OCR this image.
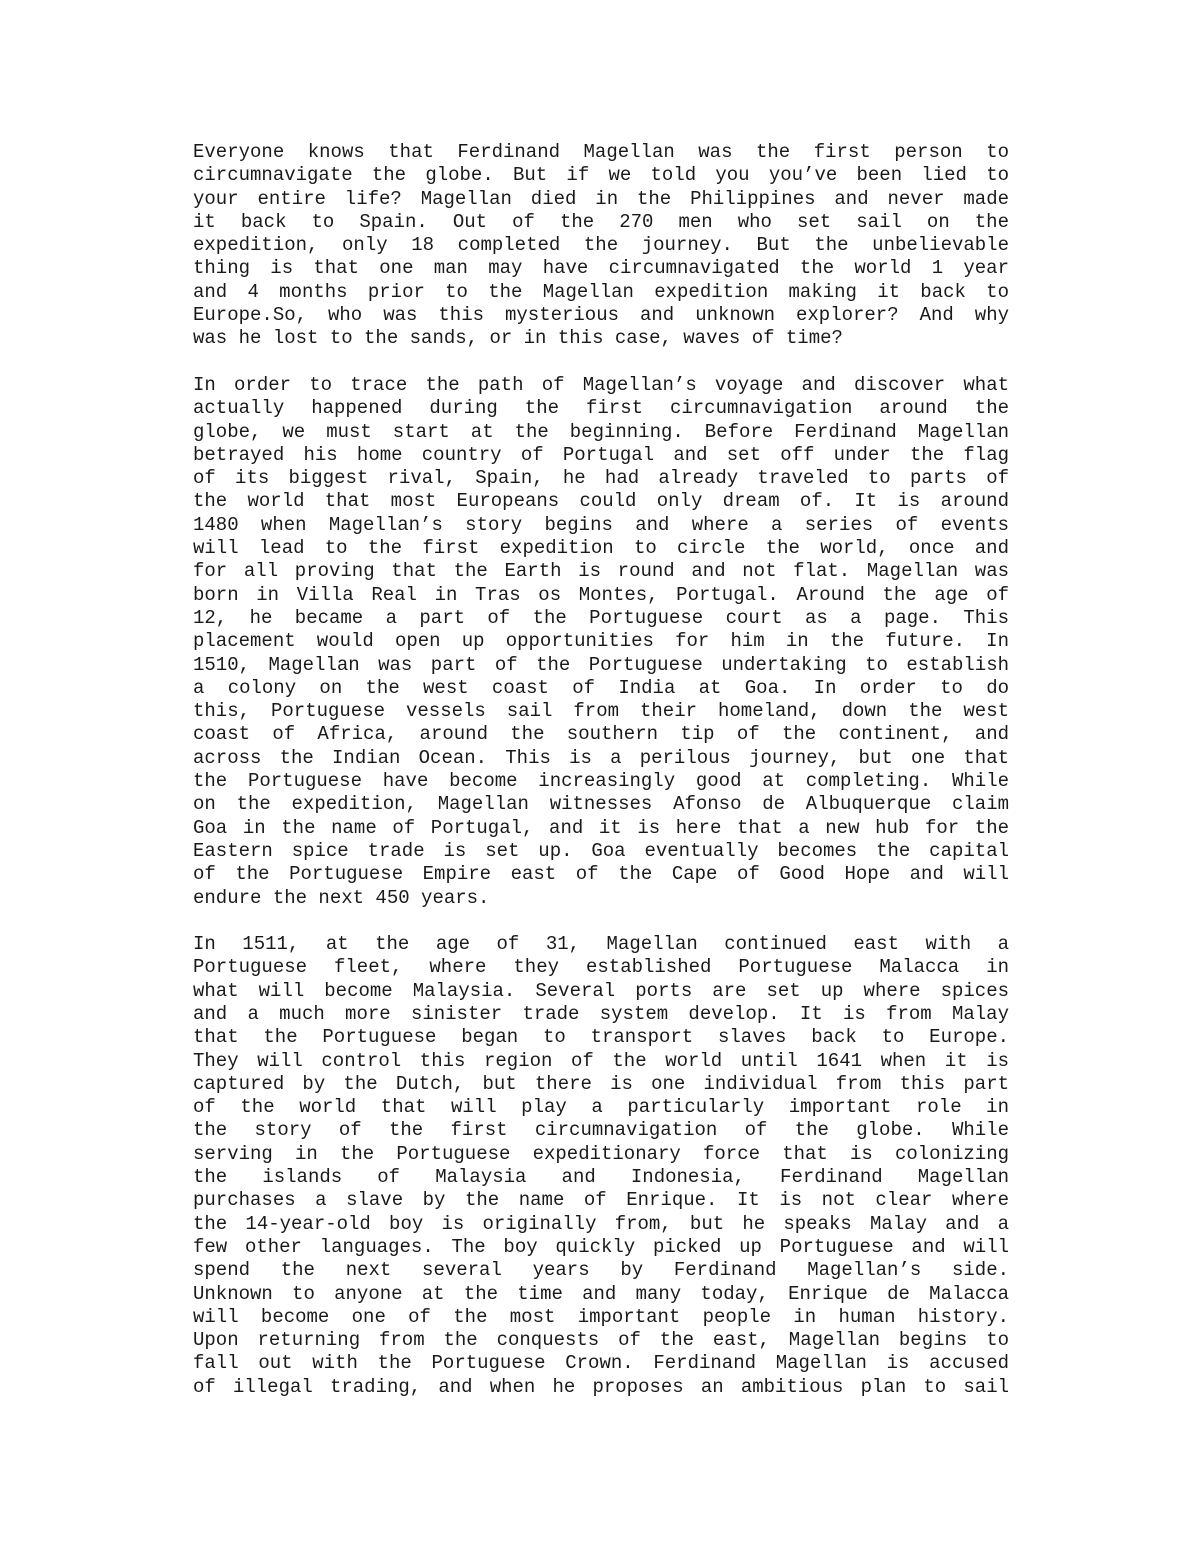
Everyone knows that Ferdinand Magellan was the first person to
circumnavigate the globe. But if we told you you’ve been lied to
your entire life? Magellan died in the Philippines and never made
it back to Spain. Out of the 270 men who set sail on the
expedition, only 18 completed the journey. But the unbelievable
thing is that one man may have circumnavigated the world 1 year
and 4 months prior to the Magellan expedition making it back to
Europe.So, who was this mysterious and unknown explorer? And why
was he lost to the sands, or in this case, waves of time?
In order to trace the path of Magellan’s voyage and discover what
actually happened during the first circumnavigation around the
globe, we must start at the beginning. Before Ferdinand Magellan
betrayed his home country of Portugal and set off under the flag
of its biggest rival, Spain, he had already traveled to parts of
the world that most Europeans could only dream of. It is around
1480 when Magellan’s story begins and where a series of events
will lead to the first expedition to circle the world, once and
for all proving that the Earth is round and not flat. Magellan was
born in Villa Real in Tras os Montes, Portugal. Around the age of
12, he became a part of the Portuguese court as a page. This
placement would open up opportunities for him in the future. In
1510, Magellan was part of the Portuguese undertaking to establish
a colony on the west coast of India at Goa. In order to do
this, Portuguese vessels sail from their homeland, down the west
coast of Africa, around the southern tip of the continent, and
across the Indian Ocean. This is a perilous journey, but one that
the Portuguese have become increasingly good at completing. While
on the expedition, Magellan witnesses Afonso de Albuquerque claim
Goa in the name of Portugal, and it is here that a new hub for the
Eastern spice trade is set up. Goa eventually becomes the capital
of the Portuguese Empire east of the Cape of Good Hope and will
endure the next 450 years.
In 1511, at the age of 31, Magellan continued east with a
Portuguese fleet, where they established Portuguese Malacca in
what will become Malaysia. Several ports are set up where spices
and a much more sinister trade system develop. It is from Malay
that the Portuguese began to transport slaves back to Europe.
They will control this region of the world until 1641 when it is
captured by the Dutch, but there is one individual from this part
of the world that will play a particularly important role in
the story of the first circumnavigation of the globe. While
serving in the Portuguese expeditionary force that is colonizing
the islands of Malaysia and Indonesia, Ferdinand Magellan
purchases a slave by the name of Enrique. It is not clear where
the 14-year-old boy is originally from, but he speaks Malay and a
few other languages. The boy quickly picked up Portuguese and will
spend the next several years by Ferdinand Magellan’s side.
Unknown to anyone at the time and many today, Enrique de Malacca
will become one of the most important people in human history.
Upon returning from the conquests of the east, Magellan begins to
fall out with the Portuguese Crown. Ferdinand Magellan is accused
of illegal trading, and when he proposes an ambitious plan to sail
